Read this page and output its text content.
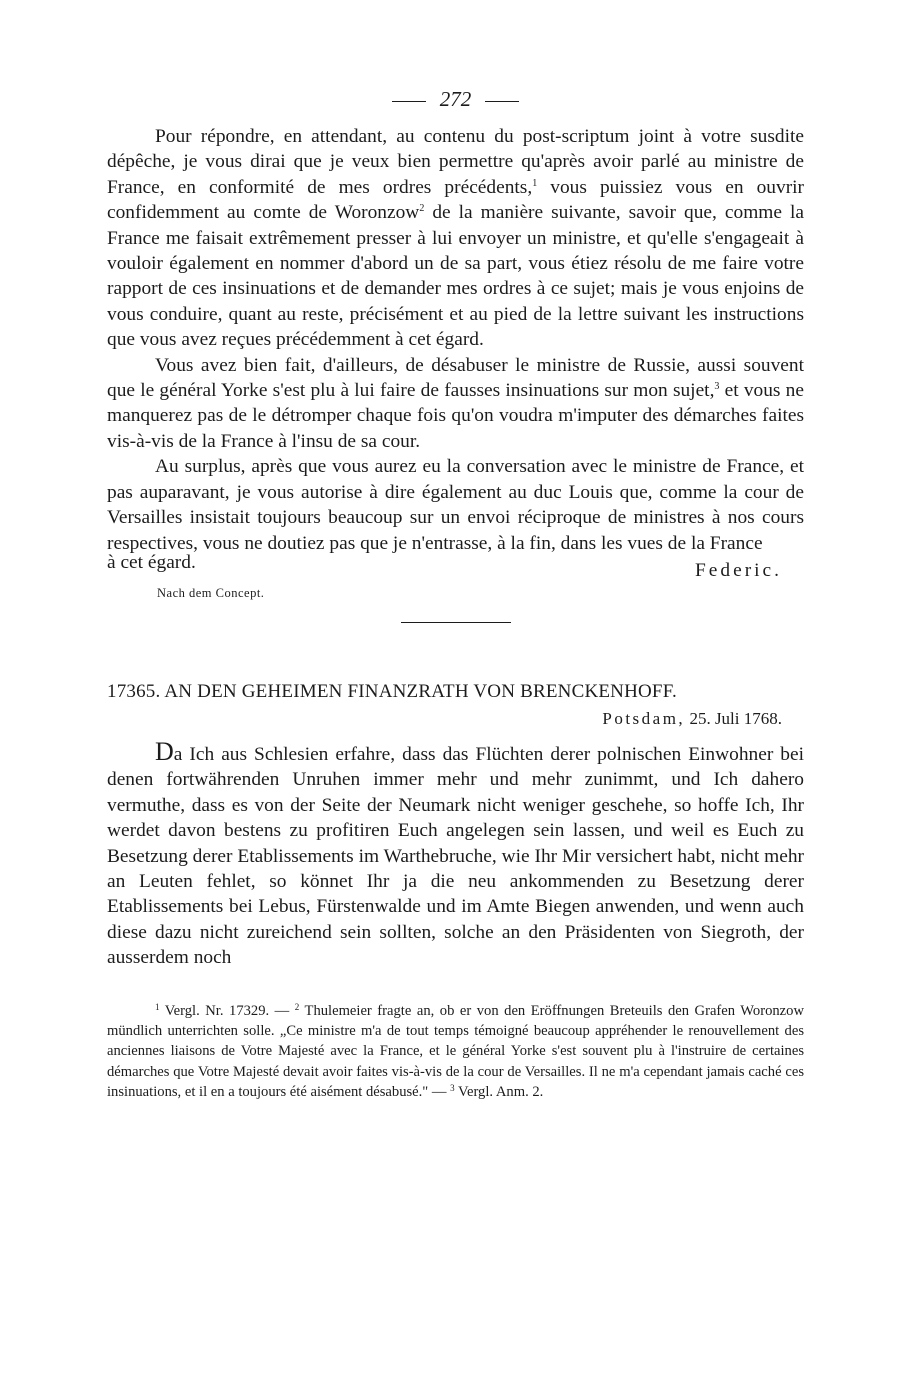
272

Pour répondre, en attendant, au contenu du post-scriptum joint à votre susdite dépêche, je vous dirai que je veux bien permettre qu'après avoir parlé au ministre de France, en conformité de mes ordres précédents,$^1$ vous puissiez vous en ouvrir confidemment au comte de Woronzow$^2$ de la manière suivante, savoir que, comme la France me faisait extrêmement presser à lui envoyer un ministre, et qu'elle s'engageait à vouloir également en nommer d'abord un de sa part, vous étiez résolu de me faire votre rapport de ces insinuations et de demander mes ordres à ce sujet; mais je vous enjoins de vous conduire, quant au reste, précisément et au pied de la lettre suivant les instructions que vous avez reçues précédemment à cet égard.

Vous avez bien fait, d'ailleurs, de désabuser le ministre de Russie, aussi souvent que le général Yorke s'est plu à lui faire de fausses insinuations sur mon sujet,$^3$ et vous ne manquerez pas de le détromper chaque fois qu'on voudra m'imputer des démarches faites vis-à-vis de la France à l'insu de sa cour.

Au surplus, après que vous aurez eu la conversation avec le ministre de France, et pas auparavant, je vous autorise à dire également au duc Louis que, comme la cour de Versailles insistait toujours beaucoup sur un envoi réciproque de ministres à nos cours respectives, vous ne doutiez pas que je n'entrasse, à la fin, dans les vues de la France

à cet égard.	Federic.
Nach dem Concept.
17365. AN DEN GEHEIMEN FINANZRATH VON BRENCKENHOFF.
Potsdam, 25. Juli 1768.

Da Ich aus Schlesien erfahre, dass das Flüchten derer polnischen Einwohner bei denen fortwährenden Unruhen immer mehr und mehr zunimmt, und Ich dahero vermuthe, dass es von der Seite der Neumark nicht weniger geschehe, so hoffe Ich, Ihr werdet davon bestens zu profitiren Euch angelegen sein lassen, und weil es Euch zu Besetzung derer Etablissements im Warthebruche, wie Ihr Mir versichert habt, nicht mehr an Leuten fehlet, so könnet Ihr ja die neu ankommenden zu Besetzung derer Etablissements bei Lebus, Fürstenwalde und im Amte Biegen anwenden, und wenn auch diese dazu nicht zureichend sein sollten, solche an den Präsidenten von Siegroth, der ausserdem noch

$^1$ Vergl. Nr. 17329. — $^2$ Thulemeier fragte an, ob er von den Eröffnungen Breteuils den Grafen Woronzow mündlich unterrichten solle. „Ce ministre m'a de tout temps témoigné beaucoup appréhender le renouvellement des anciennes liaisons de Votre Majesté avec la France, et le général Yorke s'est souvent plu à l'instruire de certaines démarches que Votre Majesté devait avoir faites vis-à-vis de la cour de Versailles. Il ne m'a cependant jamais caché ces insinuations, et il en a toujours été aisément désabusé." — $^3$ Vergl. Anm. 2.
